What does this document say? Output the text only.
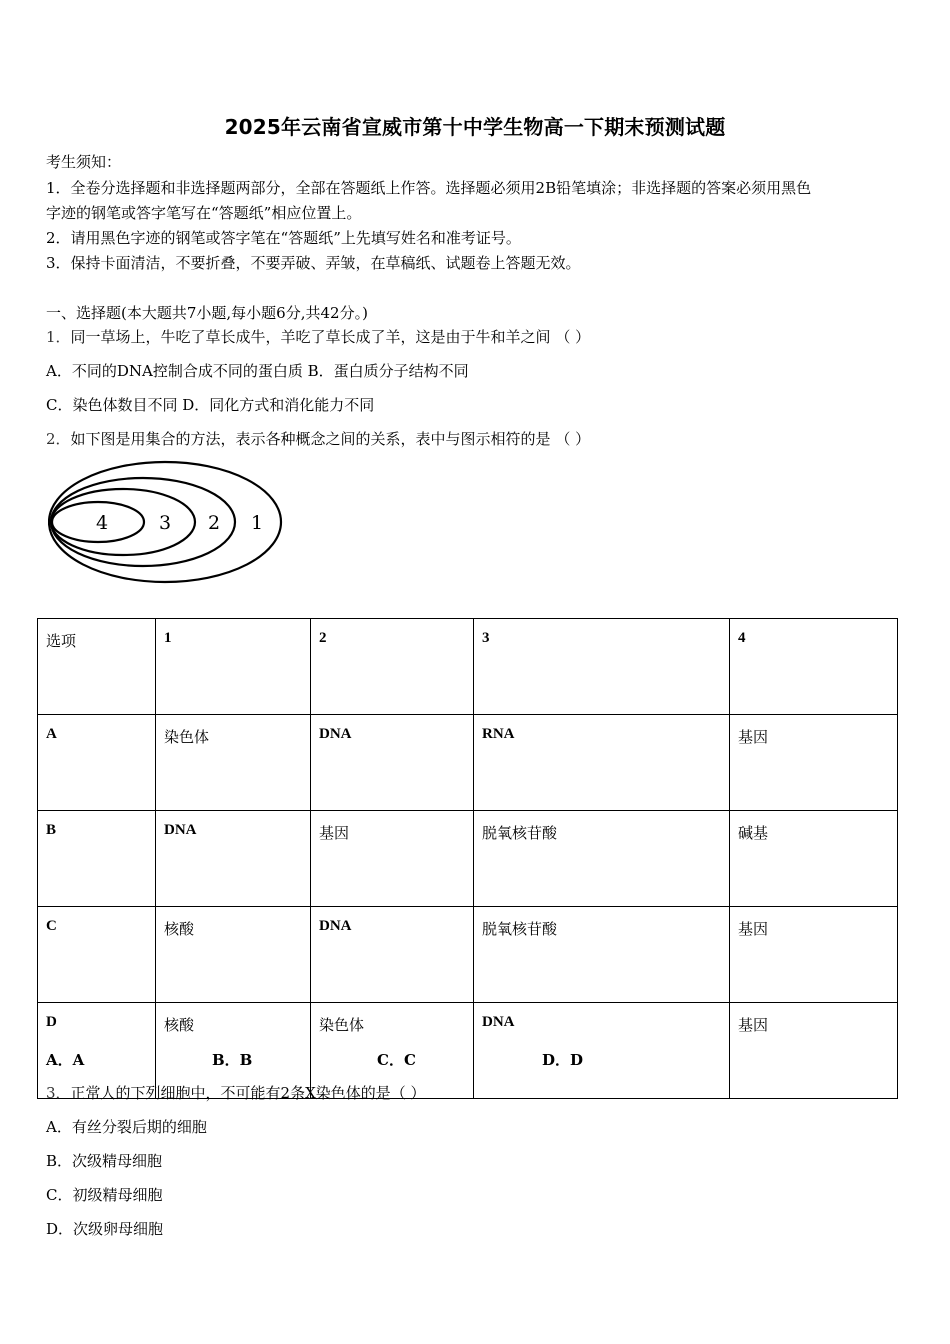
2025年云南省宣威市第十中学生物高一下期末预测试题
考生须知：
1．全卷分选择题和非选择题两部分，全部在答题纸上作答。选择题必须用2B铅笔填涂；非选择题的答案必须用黑色
字迹的钢笔或答字笔写在“答题纸”相应位置上。
2．请用黑色字迹的钢笔或答字笔在“答题纸”上先填写姓名和准考证号。
3．保持卡面清洁，不要折叠，不要弄破、弄皱，在草稿纸、试题卷上答题无效。
一、选择题(本大题共7小题,每小题6分,共42分。)
1．同一草场上，牛吃了草长成牛，羊吃了草长成了羊，这是由于牛和羊之间 （ ）
A．不同的DNA控制合成不同的蛋白质 B．蛋白质分子结构不同
C．染色体数目不同 D．同化方式和消化能力不同
2．如下图是用集合的方法，表示各种概念之间的关系，表中与图示相符的是 （ ）
4	3 2 1
选项	1	2	3	4
A	染色体	DNA	RNA	基因
B	DNA	基因	脱氧核苷酸	碱基
C	核酸	DNA	脱氧核苷酸	基因
D	核酸	染色体	DNA	基因
A．A	B．B	C．C	D．D
3．正常人的下列细胞中，不可能有2条X染色体的是（ ）
A．有丝分裂后期的细胞
B．次级精母细胞
C．初级精母细胞
D．次级卵母细胞
